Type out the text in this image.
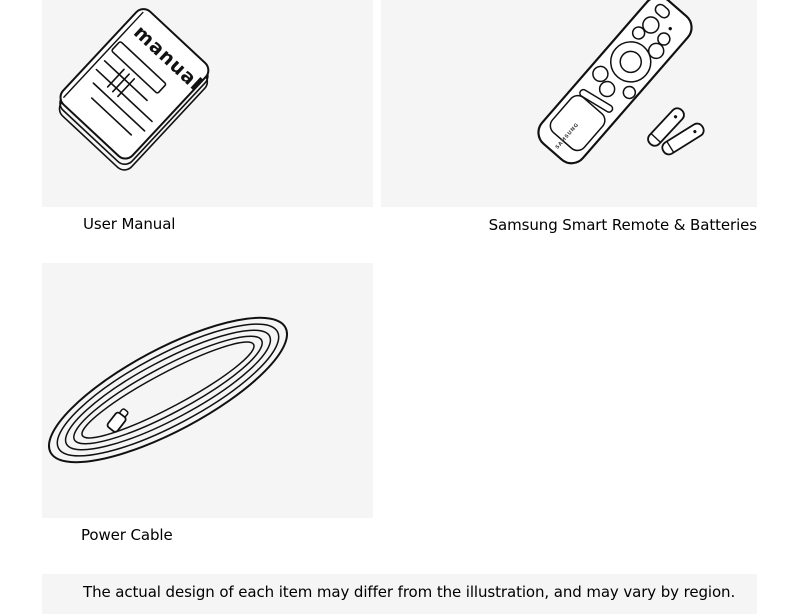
manual
User Manual
SAMSUNG
Samsung Smart Remote & Batteries
Power Cable
The actual design of each item may differ from the illustration, and may vary by region.
